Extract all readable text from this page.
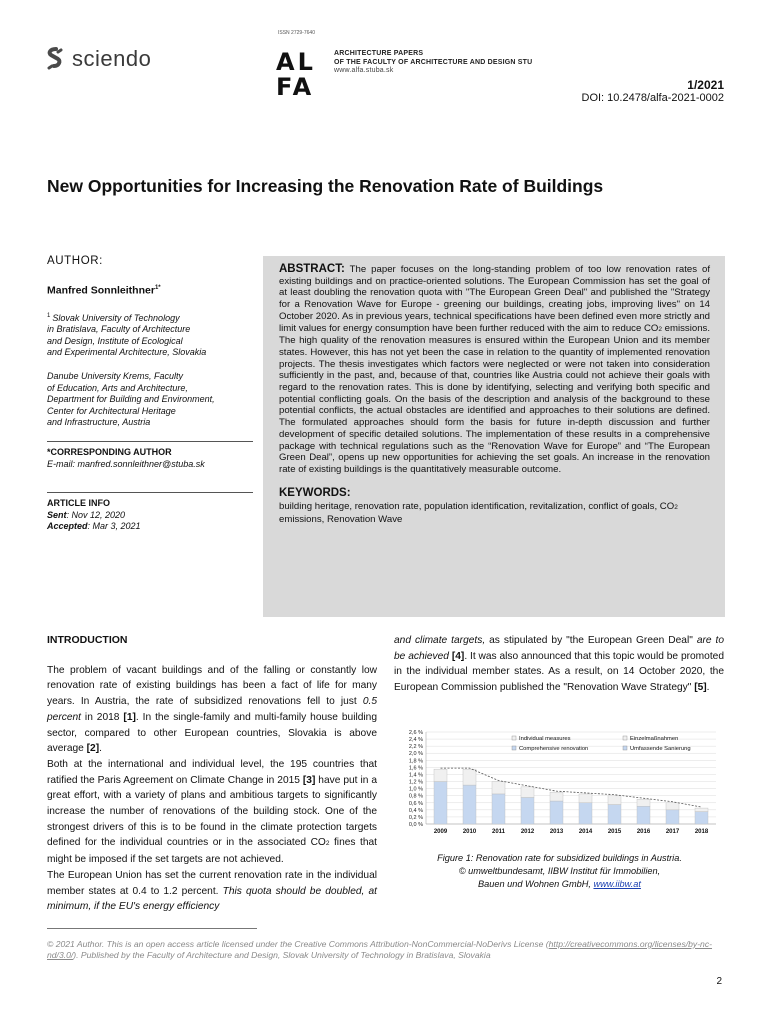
sciendo
ISSN 2729-7640
AL
FA
ARCHITECTURE PAPERS
OF THE FACULTY OF ARCHITECTURE AND DESIGN STU
www.alfa.stuba.sk
1/2021
DOI: 10.2478/alfa-2021-0002
New Opportunities for Increasing the Renovation Rate of Buildings
AUTHOR:
Manfred Sonnleithner$^{1*}$
$^1$ Slovak University of Technology
in Bratislava, Faculty of Architecture
and Design, Institute of Ecological
and Experimental Architecture, Slovakia
Danube University Krems, Faculty
of Education, Arts and Architecture,
Department for Building and Environment,
Center for Architectural Heritage
and Infrastructure, Austria
*CORRESPONDING AUTHOR
E-mail: manfred.sonnleithner@stuba.sk
ARTICLE INFO
Sent: Nov 12, 2020
Accepted: Mar 3, 2021
ABSTRACT: The paper focuses on the long-standing problem of too low renovation rates of existing buildings and on practice-oriented solutions. The European Commission has set the goal of at least doubling the renovation quota with "The European Green Deal" and published the "Strategy for a Renovation Wave for Europe - greening our buildings, creating jobs, improving lives" on 14 October 2020. As in previous years, technical specifications have been defined even more strictly and limit values for energy consumption have been further reduced with the aim to reduce CO2 emissions. The high quality of the renovation measures is ensured within the European Union and its member states. However, this has not yet been the case in relation to the quantity of implemented renovation projects. The thesis investigates which factors were neglected or were not taken into consideration sufficiently in the past, and, because of that, countries like Austria could not achieve their goals with regard to the renovation rates. This is done by identifying, selecting and verifying both specific and potential conflicting goals. On the basis of the description and analysis of the background to these potential conflicts, the actual obstacles are identified and approaches to their solutions are defined. The formulated approaches should form the basis for future in-depth discussion and further development of specific detailed solutions. The implementation of these results in a comprehensive package with technical regulations such as the “Renovation Wave for Europe” and “The European Green Deal”, opens up new opportunities for achieving the set goals. An increase in the renovation rate of existing buildings is the quantitatively measurable outcome.
KEYWORDS:
building heritage, renovation rate, population identification, revitalization, conflict of goals, CO2 emissions, Renovation Wave
INTRODUCTION

The problem of vacant buildings and of the falling or constantly low renovation rate of existing buildings has been a fact of life for many years. In Austria, the rate of subsidized renovations fell to just 0.5 percent in 2018 [1]. In the single-family and multi-family house building sector, compared to other European countries, Slovakia is above average [2].

Both at the international and individual level, the 195 countries that ratified the Paris Agreement on Climate Change in 2015 [3] have put in a great effort, with a variety of plans and ambitious targets to significantly increase the number of renovations of the building stock. One of the strongest drivers of this is to be found in the climate protection targets defined for the individual countries or in the associated CO2 fines that might be imposed if the set targets are not achieved.

The European Union has set the current renovation rate in the individual member states at 0.4 to 1.2 percent. This quota should be doubled, at minimum, if the EU's energy efficiency

and climate targets, as stipulated by "the European Green Deal" are to be achieved [4]. It was also announced that this topic would be promoted in the individual member states. As a result, on 14 October 2020, the European Commission published the "Renovation Wave Strategy" [5].

0,0 %
0,2 %
0,4 %
0,6 %
0,8 %
1,0 %
1,2 %
1,4 %
1,6 %
1,8 %
2,0 %
2,2 %
2,4 %
2,6 %
2009	2010	2011	2012	2013	2014	2015	2016	2017	2018
Individual measures	Einzelmaßnahmen
Comprehensive renovation	Umfassende Sanierung
Figure 1: Renovation rate for subsidized buildings in Austria.
© umweltbundesamt, IIBW Institut für Immobilien,
Bauen und Wohnen GmbH, www.iibw.at
© 2021 Author. This is an open access article licensed under the Creative Commons Attribution-NonCommercial-NoDerivs License (http://creativecommons.org/licenses/by-nc-nd/3.0/). Published by the Faculty of Architecture and Design, Slovak University of Technology in Bratislava, Slovakia
2
